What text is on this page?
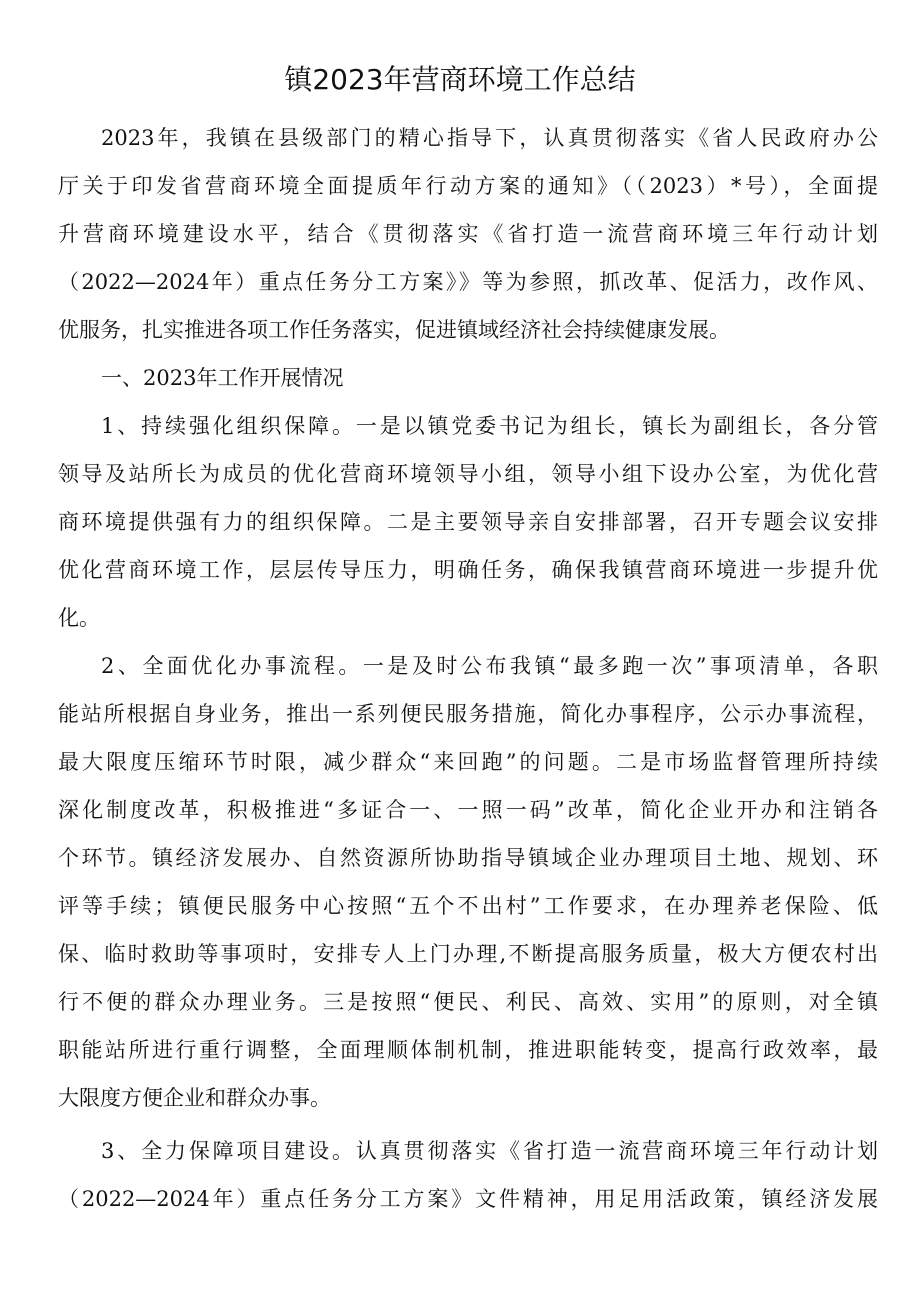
镇2023年营商环境工作总结
2023年，我镇在县级部门的精心指导下，认真贯彻落实《省人民政府办公
厅关于印发省营商环境全面提质年行动方案的通知》（（2023）*号），全面提
升营商环境建设水平，结合《贯彻落实《省打造一流营商环境三年行动计划
（2022—2024年）重点任务分工方案》》等为参照，抓改革、促活力，改作风、
优服务，扎实推进各项工作任务落实，促进镇域经济社会持续健康发展。
一、2023年工作开展情况
1、持续强化组织保障。一是以镇党委书记为组长，镇长为副组长，各分管
领导及站所长为成员的优化营商环境领导小组，领导小组下设办公室，为优化营
商环境提供强有力的组织保障。二是主要领导亲自安排部署，召开专题会议安排
优化营商环境工作，层层传导压力，明确任务，确保我镇营商环境进一步提升优
化。
2、全面优化办事流程。一是及时公布我镇“最多跑一次”事项清单，各职
能站所根据自身业务，推出一系列便民服务措施，简化办事程序，公示办事流程，
最大限度压缩环节时限，减少群众“来回跑”的问题。二是市场监督管理所持续
深化制度改革，积极推进“多证合一、一照一码”改革，简化企业开办和注销各
个环节。镇经济发展办、自然资源所协助指导镇域企业办理项目土地、规划、环
评等手续；镇便民服务中心按照“五个不出村”工作要求，在办理养老保险、低
保、临时救助等事项时，安排专人上门办理,不断提高服务质量，极大方便农村出
行不便的群众办理业务。三是按照“便民、利民、高效、实用”的原则，对全镇
职能站所进行重行调整，全面理顺体制机制，推进职能转变，提高行政效率，最
大限度方便企业和群众办事。
3、全力保障项目建设。认真贯彻落实《省打造一流营商环境三年行动计划
（2022—2024年）重点任务分工方案》文件精神，用足用活政策，镇经济发展
